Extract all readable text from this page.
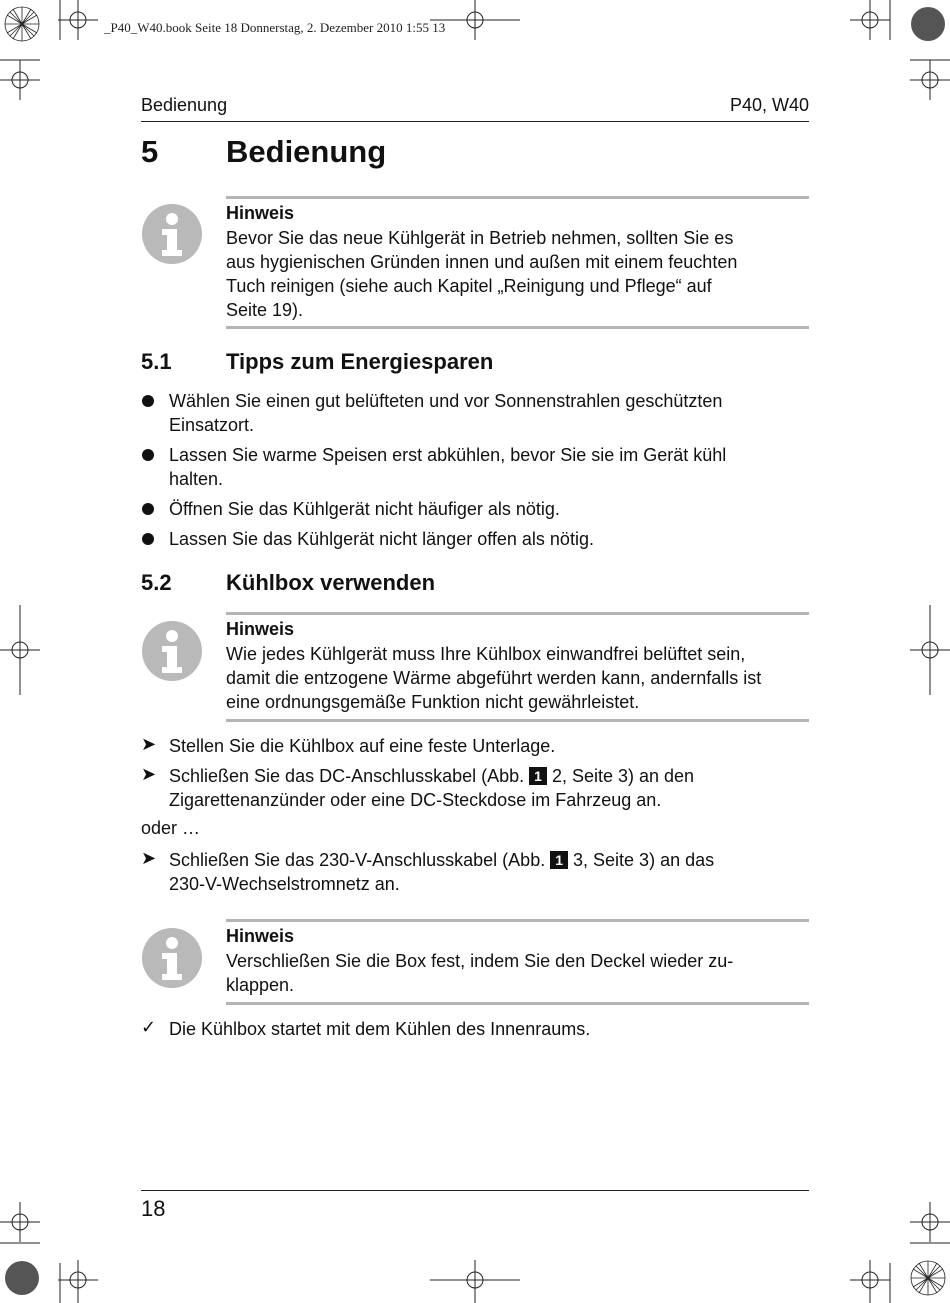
_P40_W40.book Seite 18 Donnerstag, 2. Dezember 2010 1:55 13
Bedienung	P40, W40
5 Bedienung
Hinweis
Bevor Sie das neue Kühlgerät in Betrieb nehmen, sollten Sie es
aus hygienischen Gründen innen und außen mit einem feuchten
Tuch reinigen (siehe auch Kapitel „Reinigung und Pflege“ auf
Seite 19).
5.1 Tipps zum Energiesparen
Wählen Sie einen gut belüfteten und vor Sonnenstrahlen geschützten
Einsatzort.
Lassen Sie warme Speisen erst abkühlen, bevor Sie sie im Gerät kühl
halten.
Öffnen Sie das Kühlgerät nicht häufiger als nötig.
Lassen Sie das Kühlgerät nicht länger offen als nötig.
5.2 Kühlbox verwenden
Hinweis
Wie jedes Kühlgerät muss Ihre Kühlbox einwandfrei belüftet sein,
damit die entzogene Wärme abgeführt werden kann, andernfalls ist
eine ordnungsgemäße Funktion nicht gewährleistet.
➤ Stellen Sie die Kühlbox auf eine feste Unterlage.
➤ Schließen Sie das DC-Anschlusskabel (Abb. 1 2, Seite 3) an den
Zigarettenanzünder oder eine DC-Steckdose im Fahrzeug an.
oder …
➤ Schließen Sie das 230-V-Anschlusskabel (Abb. 1 3, Seite 3) an das
230-V-Wechselstromnetz an.
Hinweis
Verschließen Sie die Box fest, indem Sie den Deckel wieder zu-
klappen.
✓ Die Kühlbox startet mit dem Kühlen des Innenraums.
18
